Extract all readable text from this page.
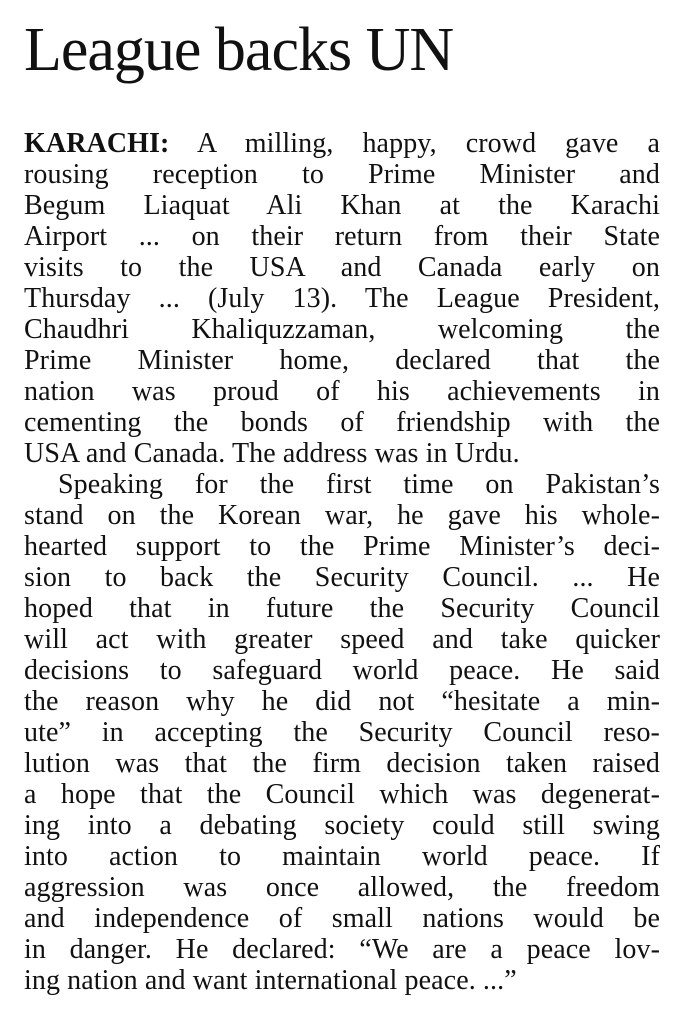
League backs UN
KARACHI: A milling, happy, crowd gave a
rousing reception to Prime Minister and
Begum Liaquat Ali Khan at the Karachi
Airport ... on their return from their State
visits to the USA and Canada early on
Thursday ... (July 13). The League President,
Chaudhri Khaliquzzaman, welcoming the
Prime Minister home, declared that the
nation was proud of his achievements in
cementing the bonds of friendship with the
USA and Canada. The address was in Urdu.
Speaking for the first time on Pakistan’s
stand on the Korean war, he gave his whole-
hearted support to the Prime Minister’s deci-
sion to back the Security Council. ... He
hoped that in future the Security Council
will act with greater speed and take quicker
decisions to safeguard world peace. He said
the reason why he did not “hesitate a min-
ute” in accepting the Security Council reso-
lution was that the firm decision taken raised
a hope that the Council which was degenerat-
ing into a debating society could still swing
into action to maintain world peace. If
aggression was once allowed, the freedom
and independence of small nations would be
in danger. He declared: “We are a peace lov-
ing nation and want international peace. ...”
